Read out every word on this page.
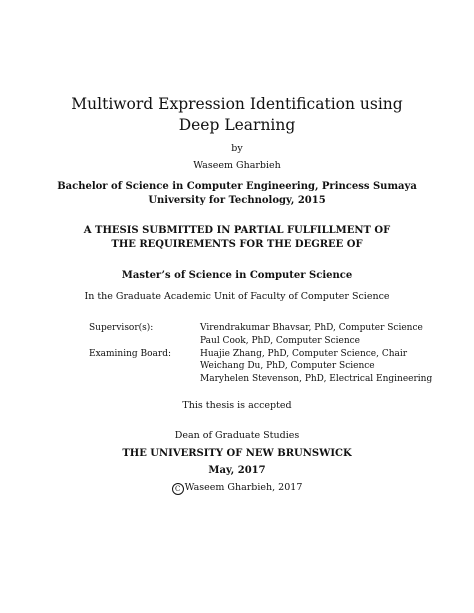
Multiword Expression Identification using
Deep Learning
by
Waseem Gharbieh
Bachelor of Science in Computer Engineering, Princess Sumaya
University for Technology, 2015
A THESIS SUBMITTED IN PARTIAL FULFILLMENT OF
THE REQUIREMENTS FOR THE DEGREE OF
Master’s of Science in Computer Science
In the Graduate Academic Unit of Faculty of Computer Science
Supervisor(s):	Virendrakumar Bhavsar, PhD, Computer Science
Paul Cook, PhD, Computer Science
Examining Board:	Huajie Zhang, PhD, Computer Science, Chair
Weichang Du, PhD, Computer Science
Maryhelen Stevenson, PhD, Electrical Engineering
This thesis is accepted
Dean of Graduate Studies
THE UNIVERSITY OF NEW BRUNSWICK
May, 2017
C Waseem Gharbieh, 2017
